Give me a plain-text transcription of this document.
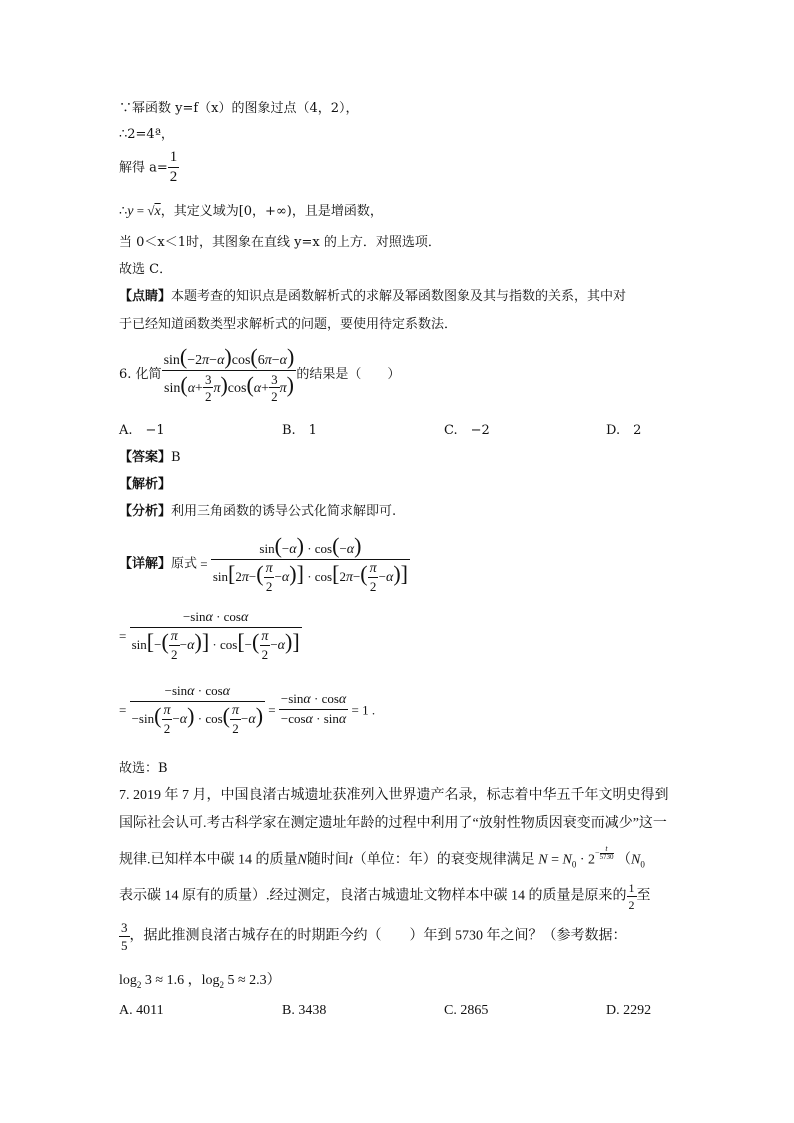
∵幂函数 y=f（x）的图象过点（4，2），
∴2=4ª，
解得 $a= \frac{1}{2}$
∴y = √x，其定义域为[0，+∞)，且是增函数，
当 0＜x＜1时，其图象在直线 y=x 的上方．对照选项．
故选 C．
【点睛】本题考查的知识点是函数解析式的求解及幂函数图象及其与指数的关系，其中对
于已经知道函数类型求解析式的问题，要使用待定系数法．
6. 化简 $\frac{\sin(-2\pi-\alpha)\cos(6\pi-\alpha)}{\sin(\alpha+ \frac{3}{2} \pi)\cos(\alpha+ \frac{3}{2} \pi)}$ 的结果是（　　）
A.　−1	B.　1	C.　−2	D.　2
【答案】B
【解析】
【分析】利用三角函数的诱导公式化简求解即可.
【详解】原式 = $\frac{\sin(-\alpha) \cdot \cos(-\alpha)}{\sin[2\pi-( \frac{\pi}{2} -\alpha)] \cdot \cos[2\pi-( \frac{\pi}{2} -\alpha)]}$
= $\frac{-\sin\alpha \cdot \cos\alpha}{\sin[-( \frac{\pi}{2} -\alpha)] \cdot \cos[-( \frac{\pi}{2} -\alpha)]}$
= $\frac{-\sin\alpha \cdot \cos\alpha}{-\sin( \frac{\pi}{2} -\alpha) \cdot \cos( \frac{\pi}{2} -\alpha)} = \frac{-\sin\alpha \cdot \cos\alpha}{-\cos\alpha \cdot \sin\alpha} = 1$ .
故选：B
7. 2019 年 7 月，中国良渚古城遗址获准列入世界遗产名录，标志着中华五千年文明史得到
国际社会认可.考古科学家在测定遗址年龄的过程中利用了“放射性物质因衰变而减少”这一
规律.已知样本中碳 14 的质量N随时间t（单位：年）的衰变规律满足 $N = N_0 \cdot 2^{- \frac{t}{5730}}$ （$N_0$
表示碳 14 原有的质量）.经过测定，良渚古城遗址文物样本中碳 14 的质量是原来的 $\frac{1}{2}$ 至
$\frac{3}{5}$ ，据此推测良渚古城存在的时期距今约（　　）年到 5730 年之间？（参考数据：
$\log_2 3 \approx 1.6$ ，$\log_2 5 \approx 2.3$）
A. 4011	B. 3438	C. 2865	D. 2292
